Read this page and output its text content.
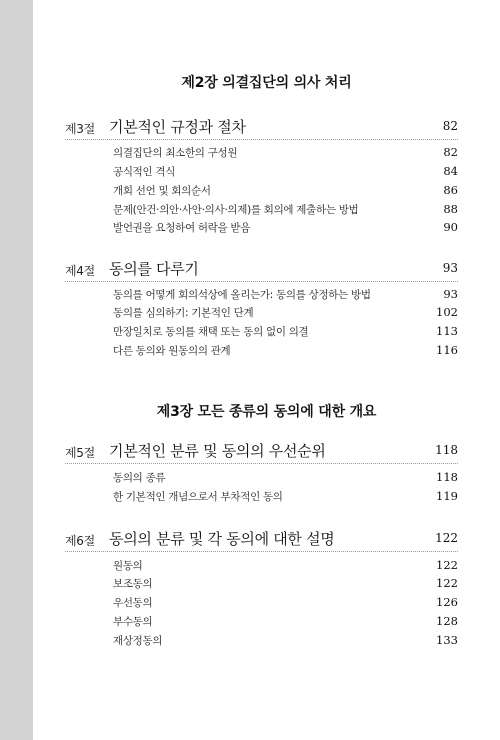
제2장 의결집단의 의사 처리
제3절 기본적인 규정과 절차	82
의결집단의 최소한의 구성원	82
공식적인 격식	84
개회 선언 및 회의순서	86
문제(안건·의안·사안·의사·의제)를 회의에 제출하는 방법	88
발언권을 요청하여 허락을 받음	90
제4절 동의를 다루기	93
동의를 어떻게 회의석상에 올리는가: 동의를 상정하는 방법	93
동의를 심의하기: 기본적인 단계	102
만장일치로 동의를 채택 또는 동의 없이 의결	113
다른 동의와 원동의의 관계	116
제3장 모든 종류의 동의에 대한 개요
제5절 기본적인 분류 및 동의의 우선순위	118
동의의 종류	118
한 기본적인 개념으로서 부차적인 동의	119
제6절 동의의 분류 및 각 동의에 대한 설명	122
원동의	122
보조동의	122
우선동의	126
부수동의	128
재상정동의	133
